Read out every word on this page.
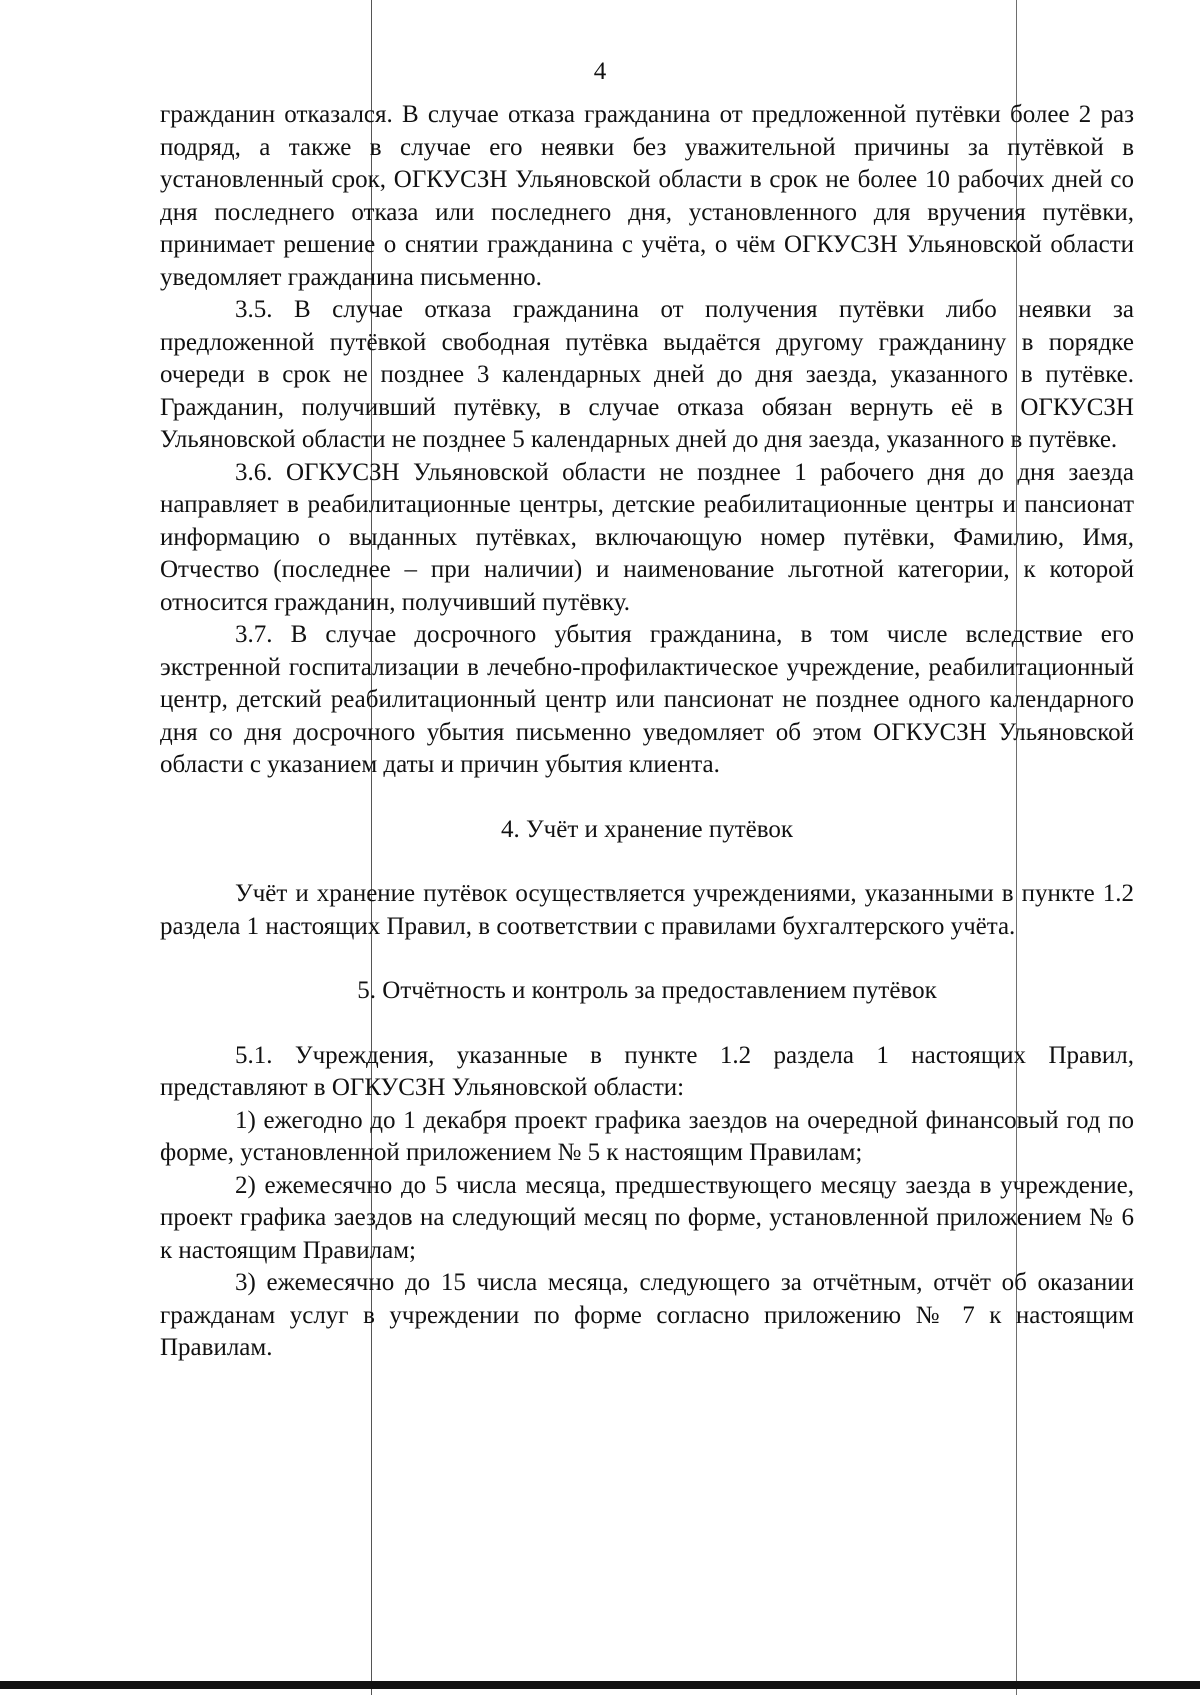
4

гражданин отказался. В случае отказа гражданина от предложенной путёвки более 2 раз подряд, а также в случае его неявки без уважительной причины за путёвкой в установленный срок, ОГКУСЗН Ульяновской области в срок не более 10 рабочих дней со дня последнего отказа или последнего дня, установленного для вручения путёвки, принимает решение о снятии гражданина с учёта, о чём ОГКУСЗН Ульяновской области уведомляет гражданина письменно.

3.5. В случае отказа гражданина от получения путёвки либо неявки за предложенной путёвкой свободная путёвка выдаётся другому гражданину в порядке очереди в срок не позднее 3 календарных дней до дня заезда, указанного в путёвке. Гражданин, получивший путёвку, в случае отказа обязан вернуть её в ОГКУСЗН Ульяновской области не позднее 5 календарных дней до дня заезда, указанного в путёвке.

3.6. ОГКУСЗН Ульяновской области не позднее 1 рабочего дня до дня заезда направляет в реабилитационные центры, детские реабилитационные центры и пансионат информацию о выданных путёвках, включающую номер путёвки, Фамилию, Имя, Отчество (последнее – при наличии) и наименование льготной категории, к которой относится гражданин, получивший путёвку.

3.7. В случае досрочного убытия гражданина, в том числе вследствие его экстренной госпитализации в лечебно-профилактическое учреждение, реабилитационный центр, детский реабилитационный центр или пансионат не позднее одного календарного дня со дня досрочного убытия письменно уведомляет об этом ОГКУСЗН Ульяновской области с указанием даты и причин убытия клиента.

4. Учёт и хранение путёвок

Учёт и хранение путёвок осуществляется учреждениями, указанными в пункте 1.2 раздела 1 настоящих Правил, в соответствии с правилами бухгалтерского учёта.

5. Отчётность и контроль за предоставлением путёвок

5.1. Учреждения, указанные в пункте 1.2 раздела 1 настоящих Правил, представляют в ОГКУСЗН Ульяновской области:

1) ежегодно до 1 декабря проект графика заездов на очередной финансовый год по форме, установленной приложением № 5 к настоящим Правилам;

2) ежемесячно до 5 числа месяца, предшествующего месяцу заезда в учреждение, проект графика заездов на следующий месяц по форме, установленной приложением № 6 к настоящим Правилам;

3) ежемесячно до 15 числа месяца, следующего за отчётным, отчёт об оказании гражданам услуг в учреждении по форме согласно приложению № 7 к настоящим Правилам.
